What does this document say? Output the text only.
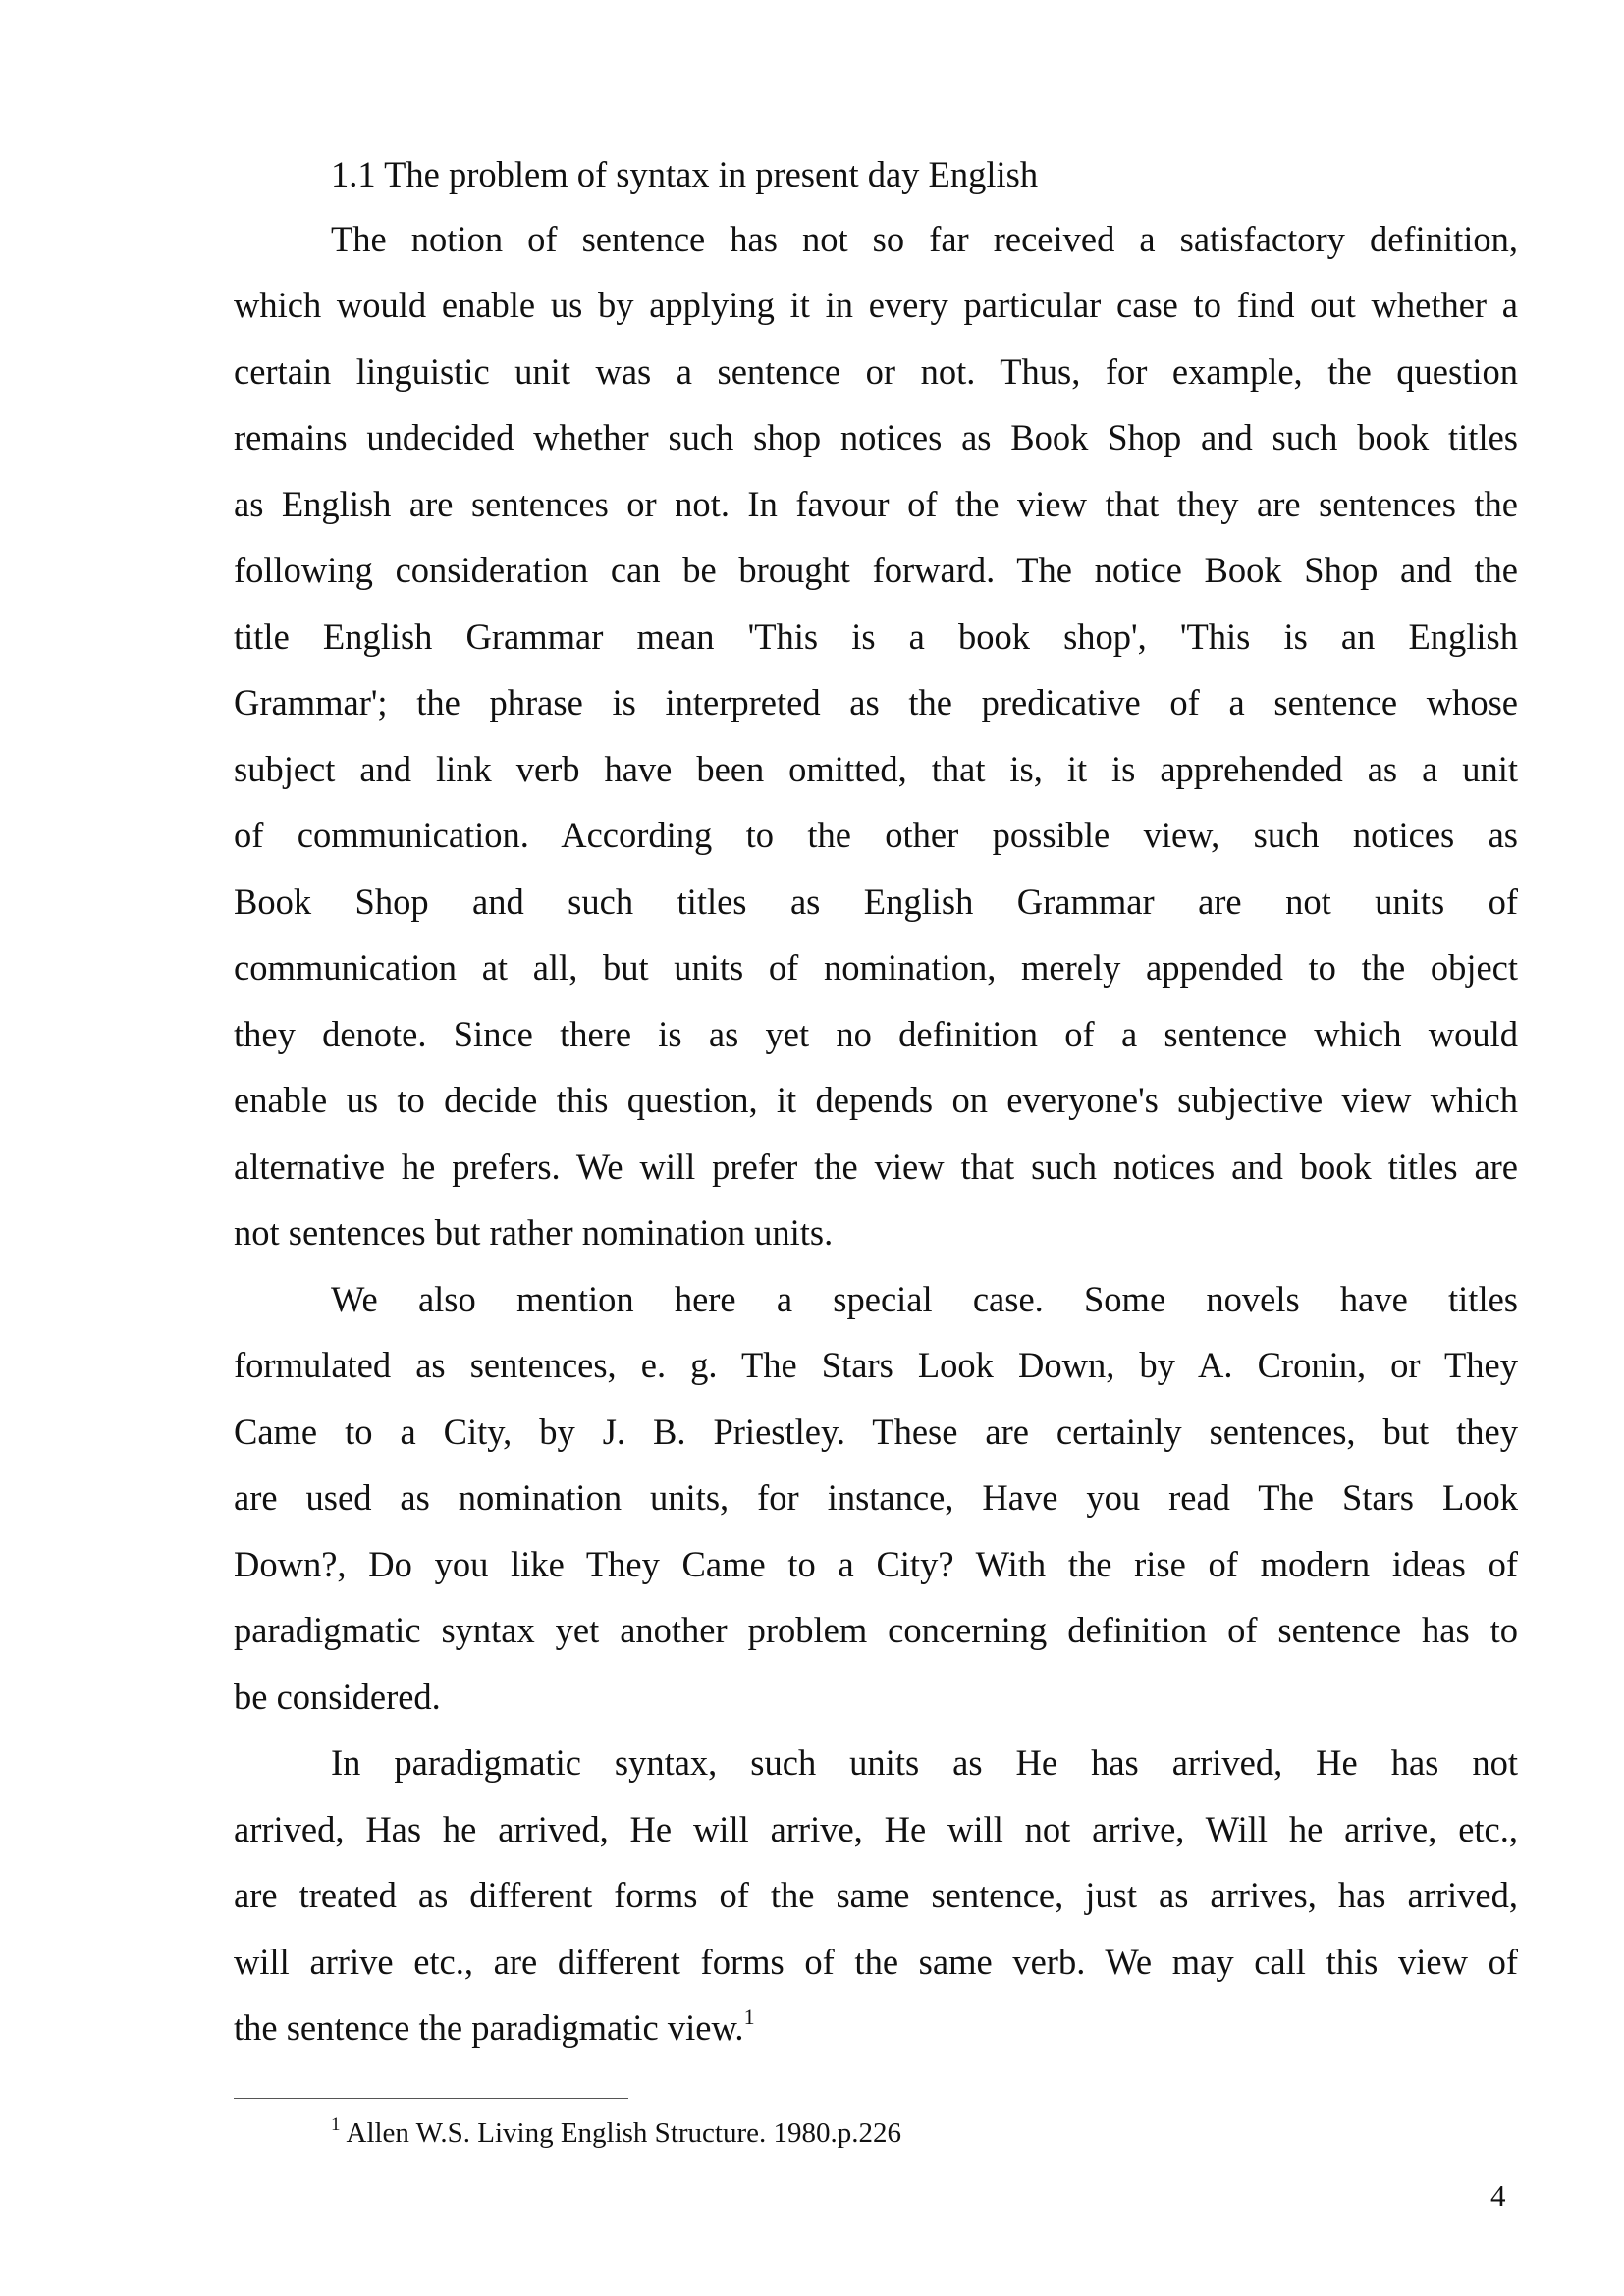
1.1 The problem of syntax in present day English
The notion of sentence has not so far received a satisfactory definition,
which would enable us by applying it in every particular case to find out whether a
certain linguistic unit was a sentence or not. Thus, for example, the question
remains undecided whether such shop notices as Book Shop and such book titles
as English are sentences or not. In favour of the view that they are sentences the
following consideration can be brought forward. The notice Book Shop and the
title English Grammar mean 'This is a book shop', 'This is an English
Grammar'; the phrase is interpreted as the predicative of a sentence whose
subject and link verb have been omitted, that is, it is apprehended as a unit
of communication. According to the other possible view, such notices as
Book Shop and such titles as English Grammar are not units of
communication at all, but units of nomination, merely appended to the object
they denote. Since there is as yet no definition of a sentence which would
enable us to decide this question, it depends on everyone's subjective view which
alternative he prefers. We will prefer the view that such notices and book titles are
not sentences but rather nomination units.
We also mention here a special case. Some novels have titles
formulated as sentences, e. g. The Stars Look Down, by A. Cronin, or They
Came to a City, by J. B. Priestley. These are certainly sentences, but they
are used as nomination units, for instance, Have you read The Stars Look
Down?, Do you like They Came to a City? With the rise of modern ideas of
paradigmatic syntax yet another problem concerning definition of sentence has to
be considered.
In paradigmatic syntax, such units as He has arrived, He has not
arrived, Has he arrived, He will arrive, He will not arrive, Will he arrive, etc.,
are treated as different forms of the same sentence, just as arrives, has arrived,
will arrive etc., are different forms of the same verb. We may call this view of
the sentence the paradigmatic view.$^1$
$^1$ Allen W.S. Living English Structure. 1980.p.226
4
